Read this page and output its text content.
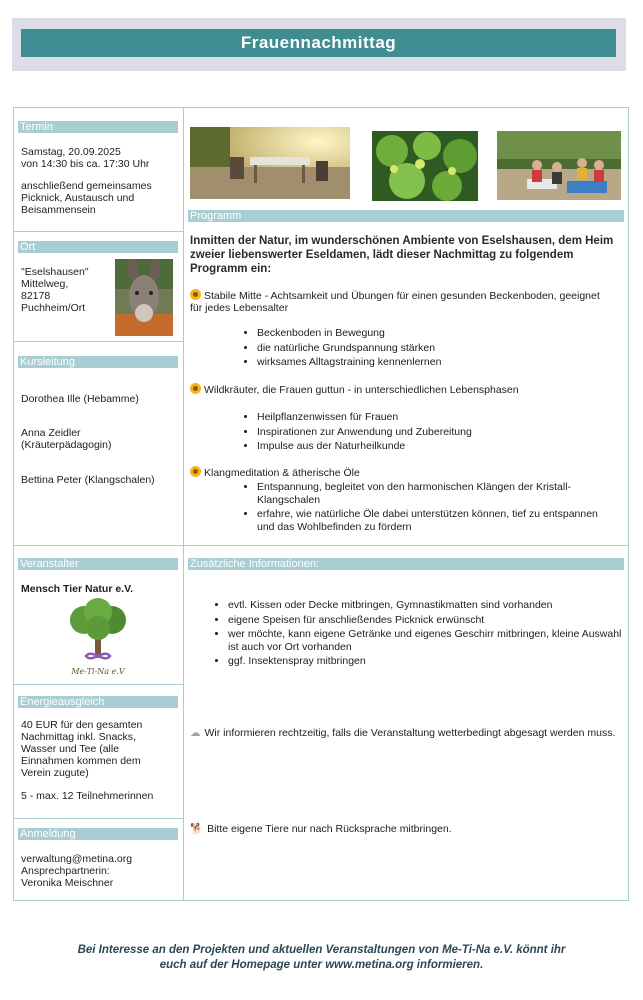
Frauennachmittag
Termin
Samstag, 20.09.2025
von 14:30 bis ca. 17:30 Uhr
anschließend gemeinsames
Picknick, Austausch und
Beisammensein
Ort
"Eselshausen"
Mittelweg,
82178
Puchheim/Ort
Kursleitung
Dorothea Ille (Hebamme)
Anna Zeidler
(Kräuterpädagogin)
Bettina Peter (Klangschalen)
Programm
Inmitten der Natur, im wunderschönen Ambiente von Eselshausen, dem Heim zweier liebenswerter Eseldamen, lädt dieser Nachmittag zu folgendem Programm ein:
Stabile Mitte - Achtsamkeit und Übungen für einen gesunden Beckenboden, geeignet für jedes Lebensalter
• Beckenboden in Bewegung
• die natürliche Grundspannung stärken
• wirksames Alltagstraining kennenlernen
Wildkräuter, die Frauen guttun - in unterschiedlichen Lebensphasen
• Heilpflanzenwissen für Frauen
• Inspirationen zur Anwendung und Zubereitung
• Impulse aus der Naturheilkunde
Klangmeditation & ätherische Öle
• Entspannung, begleitet von den harmonischen Klängen der Kristall-Klangschalen
• erfahre, wie natürliche Öle dabei unterstützen können, tief zu entspannen und das Wohlbefinden zu fördern
Veranstalter
Mensch Tier Natur e.V.
Me-Ti-Na e.V
Energieausgleich
40 EUR für den gesamten
Nachmittag inkl. Snacks,
Wasser und Tee (alle
Einnahmen kommen dem
Verein zugute)
5 - max. 12 Teilnehmerinnen
Anmeldung
verwaltung@metina.org
Ansprechpartnerin:
Veronika Meischner
Zusätzliche Informationen:
• evtl. Kissen oder Decke mitbringen, Gymnastikmatten sind vorhanden
• eigene Speisen für anschließendes Picknick erwünscht
• wer möchte, kann eigene Getränke und eigenes Geschirr mitbringen, kleine Auswahl ist auch vor Ort vorhanden
• ggf. Insektenspray mitbringen
☁ Wir informieren rechtzeitig, falls die Veranstaltung wetterbedingt abgesagt werden muss.
🐕 Bitte eigene Tiere nur nach Rücksprache mitbringen.
Bei Interesse an den Projekten und aktuellen Veranstaltungen von Me-Ti-Na e.V. könnt ihr
euch auf der Homepage unter www.metina.org informieren.
